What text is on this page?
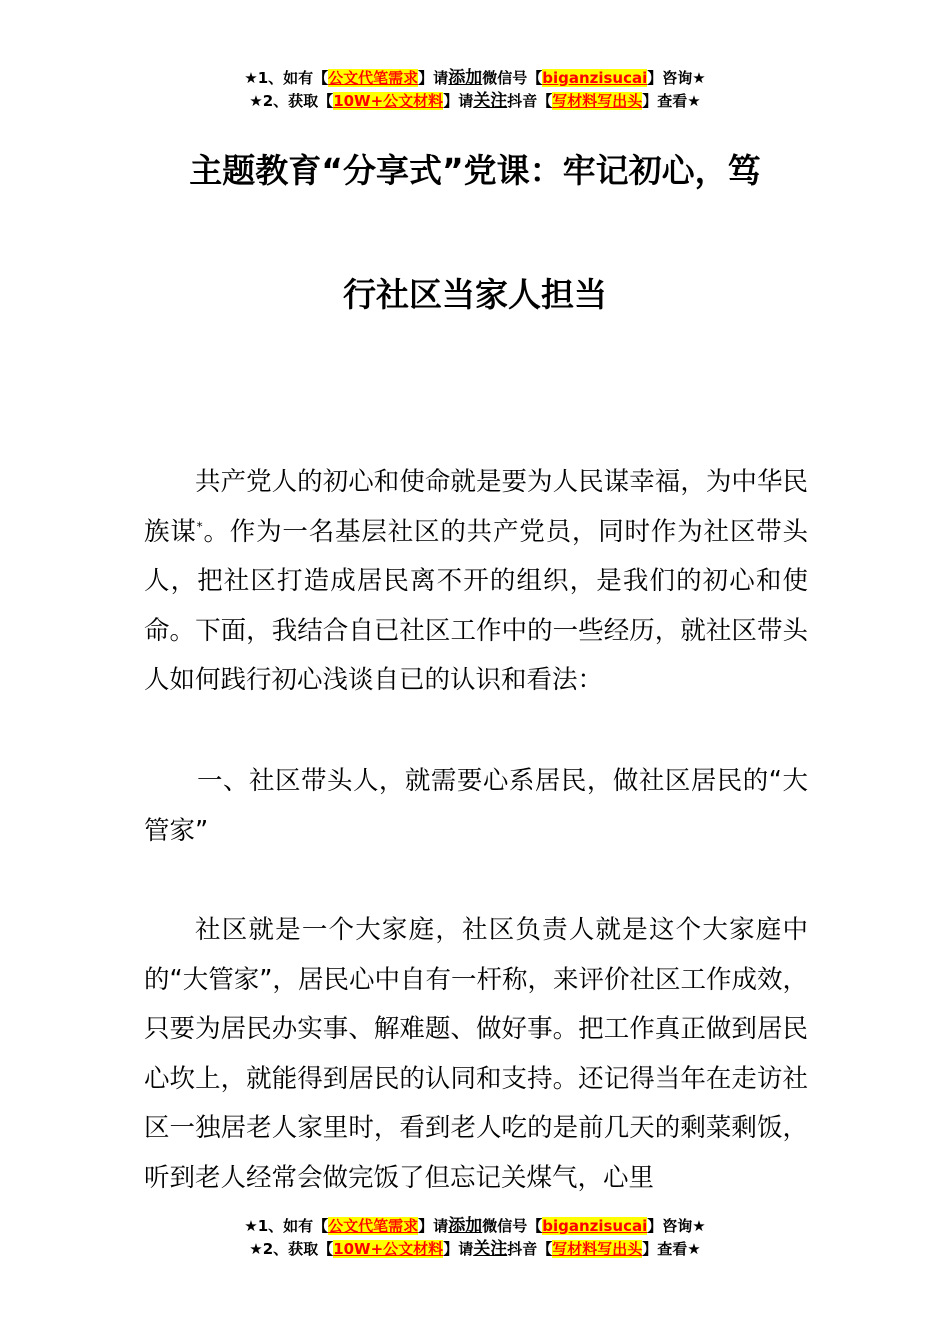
★1、如有【公文代笔需求】请添加微信号【biganzisucai】咨询★
★2、获取【10W+公文材料】请关注抖音【写材料写出头】查看★
主题教育“分享式”党课：牢记初心，笃
行社区当家人担当

共产党人的初心和使命就是要为人民谋幸福，为中华民族谋*。作为一名基层社区的共产党员，同时作为社区带头人，把社区打造成居民离不开的组织，是我们的初心和使命。下面，我结合自已社区工作中的一些经历，就社区带头人如何践行初心浅谈自已的认识和看法：

一、社区带头人，就需要心系居民，做社区居民的“大管家”

社区就是一个大家庭，社区负责人就是这个大家庭中的“大管家”，居民心中自有一杆称，来评价社区工作成效，只要为居民办实事、解难题、做好事。把工作真正做到居民心坎上，就能得到居民的认同和支持。还记得当年在走访社区一独居老人家里时，看到老人吃的是前几天的剩菜剩饭，听到老人经常会做完饭了但忘记关煤气，心里

★1、如有【公文代笔需求】请添加微信号【biganzisucai】咨询★
★2、获取【10W+公文材料】请关注抖音【写材料写出头】查看★
